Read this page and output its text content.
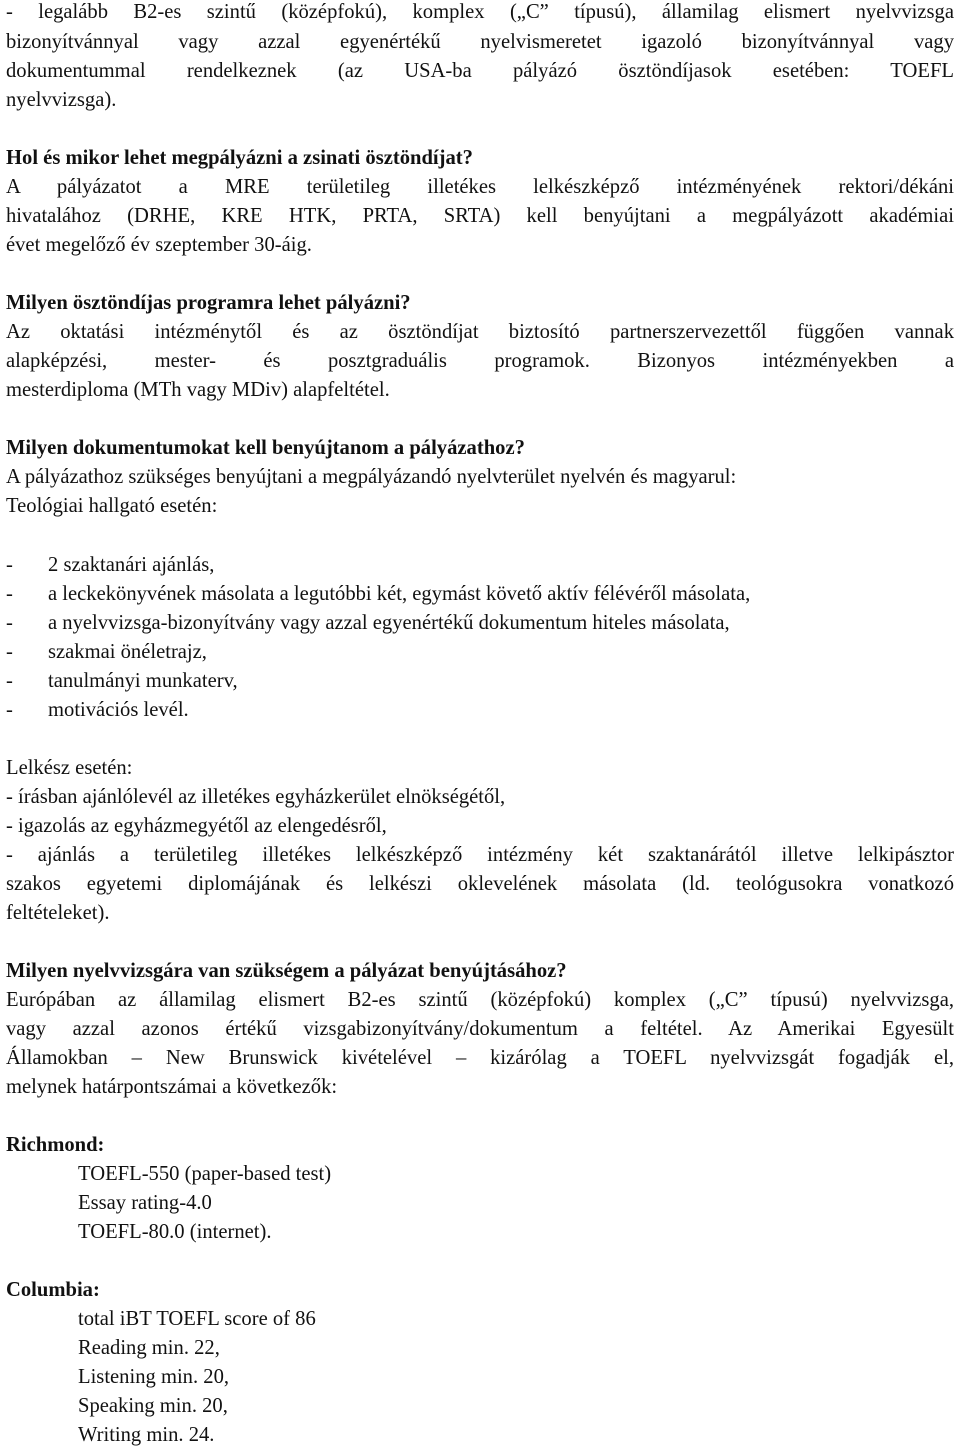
- legalább B2-es szintű (középfokú), komplex („C” típusú), államilag elismert nyelvvizsga
bizonyítvánnyal vagy azzal egyenértékű nyelvismeretet igazoló bizonyítvánnyal vagy
dokumentummal rendelkeznek (az USA-ba pályázó ösztöndíjasok esetében: TOEFL
nyelvvizsga).
Hol és mikor lehet megpályázni a zsinati ösztöndíjat?
A pályázatot a MRE területileg illetékes lelkészképző intézményének rektori/dékáni
hivatalához (DRHE, KRE HTK, PRTA, SRTA) kell benyújtani a megpályázott akadémiai
évet megelőző év szeptember 30-áig.
Milyen ösztöndíjas programra lehet pályázni?
Az oktatási intézménytől és az ösztöndíjat biztosító partnerszervezettől függően vannak
alapképzési, mester- és posztgraduális programok. Bizonyos intézményekben a
mesterdiploma (MTh vagy MDiv) alapfeltétel.
Milyen dokumentumokat kell benyújtanom a pályázathoz?
A pályázathoz szükséges benyújtani a megpályázandó nyelvterület nyelvén és magyarul:
Teológiai hallgató esetén:
- 2 szaktanári ajánlás,
- a leckekönyvének másolata a legutóbbi két, egymást követő aktív félévéről másolata,
- a nyelvvizsga-bizonyítvány vagy azzal egyenértékű dokumentum hiteles másolata,
- szakmai önéletrajz,
- tanulmányi munkaterv,
- motivációs levél.
Lelkész esetén:
- írásban ajánlólevél az illetékes egyházkerület elnökségétől,
- igazolás az egyházmegyétől az elengedésről,
- ajánlás a területileg illetékes lelkészképző intézmény két szaktanárától illetve lelkipásztor
szakos egyetemi diplomájának és lelkészi oklevelének másolata (ld. teológusokra vonatkozó
feltételeket).
Milyen nyelvvizsgára van szükségem a pályázat benyújtásához?
Európában az államilag elismert B2-es szintű (középfokú) komplex („C” típusú) nyelvvizsga,
vagy azzal azonos értékű vizsgabizonyítvány/dokumentum a feltétel. Az Amerikai Egyesült
Államokban – New Brunswick kivételével – kizárólag a TOEFL nyelvvizsgát fogadják el,
melynek határpontszámai a következők:
Richmond:
TOEFL-550 (paper-based test)
Essay rating-4.0
TOEFL-80.0 (internet).
Columbia:
total iBT TOEFL score of 86
Reading min. 22,
Listening min. 20,
Speaking min. 20,
Writing min. 24.
